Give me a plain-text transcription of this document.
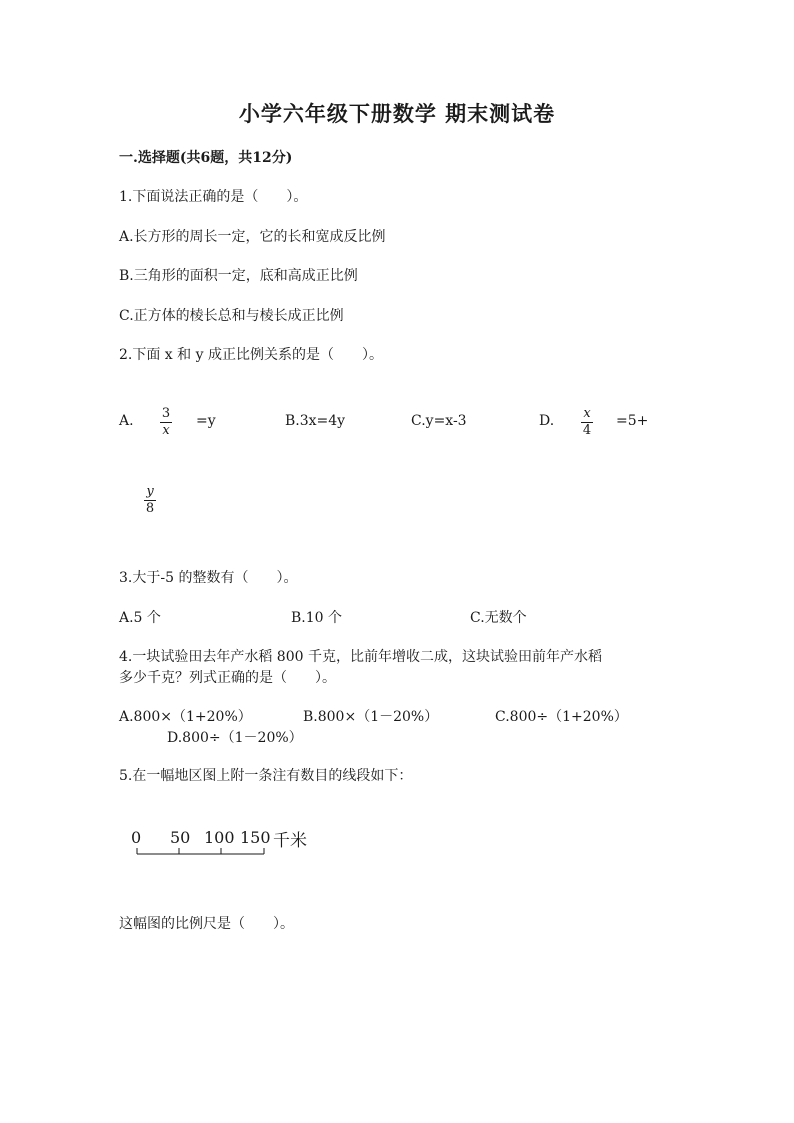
小学六年级下册数学 期末测试卷
一.选择题(共6题，共12分)
1.下面说法正确的是（　　）。
A.长方形的周长一定，它的长和宽成反比例
B.三角形的面积一定，底和高成正比例
C.正方体的棱长总和与棱长成正比例
2.下面 x 和 y 成正比例关系的是（　　）。
A. 3
x
=y	B.3x=4y	C.y=x-3	D. x
4
=5+
y
8
3.大于-5 的整数有（　　）。
A.5 个	B.10 个	C.无数个
4.一块试验田去年产水稻 800 千克，比前年增收二成，这块试验田前年产水稻
多少千克？列式正确的是（　　）。
A.800×（1+20%）	B.800×（1－20%）	C.800÷（1+20%）
D.800÷（1－20%）
5.在一幅地区图上附一条注有数目的线段如下：
0 50 100 150 千米
这幅图的比例尺是（　　）。
